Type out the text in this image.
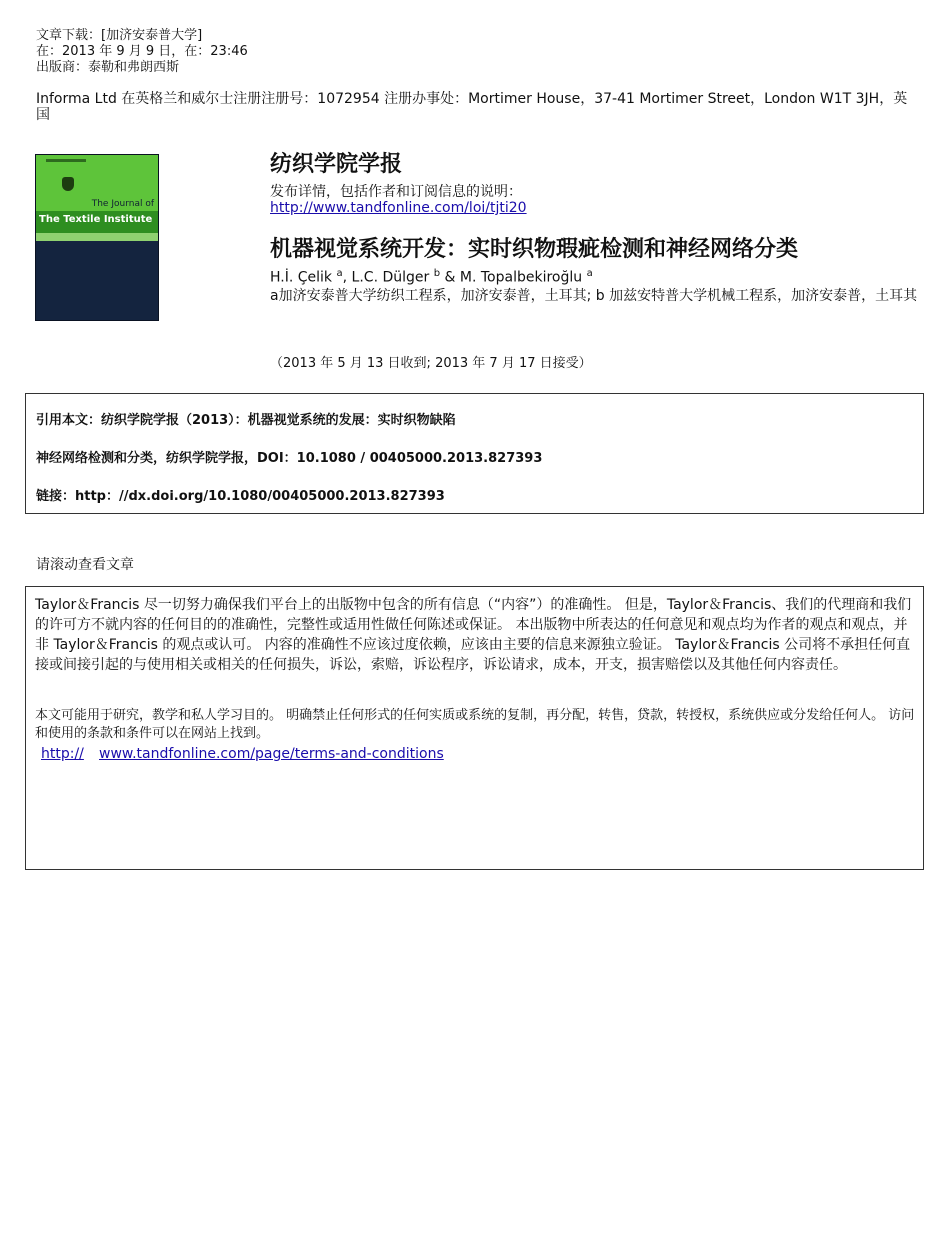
文章下载：[加济安泰普大学]
在：2013 年 9 月 9 日，在：23:46
出版商：泰勒和弗朗西斯
Informa Ltd 在英格兰和威尔士注册注册号：1072954 注册办事处：Mortimer House，37-41 Mortimer Street，London W1T 3JH，英国
The Journal of
The Textile Institute
纺织学院学报
发布详情，包括作者和订阅信息的说明：
http://www.tandfonline.com/loi/tjti20
机器视觉系统开发：实时织物瑕疵检测和神经网络分类
H.İ. Çelik $^a$, L.C. Dülger $^b$ & M. Topalbekiroğlu $^a$
a加济安泰普大学纺织工程系，加济安泰普，土耳其; b 加兹安特普大学机械工程系，加济安泰普，土耳其
（2013 年 5 月 13 日收到; 2013 年 7 月 17 日接受）
引用本文：纺织学院学报（2013）：机器视觉系统的发展：实时织物缺陷
神经网络检测和分类，纺织学院学报，DOI：10.1080 / 00405000.2013.827393
链接：http：//dx.doi.org/10.1080/00405000.2013.827393
请滚动查看文章
Taylor＆Francis 尽一切努力确保我们平台上的出版物中包含的所有信息（“内容”）的准确性。 但是，Taylor＆Francis、我们的代理商和我们的许可方不就内容的任何目的的准确性，完整性或适用性做任何陈述或保证。 本出版物中所表达的任何意见和观点均为作者的观点和观点，并非 Taylor＆Francis 的观点或认可。 内容的准确性不应该过度依赖，应该由主要的信息来源独立验证。 Taylor＆Francis 公司将不承担任何直接或间接引起的与使用相关或相关的任何损失，诉讼，索赔，诉讼程序，诉讼请求，成本，开支，损害赔偿以及其他任何内容责任。
本文可能用于研究，教学和私人学习目的。 明确禁止任何形式的任何实质或系统的复制，再分配，转售，贷款，转授权，系统供应或分发给任何人。 访问和使用的条款和条件可以在网站上找到。
http:// www.tandfonline.com/page/terms-and-conditions
